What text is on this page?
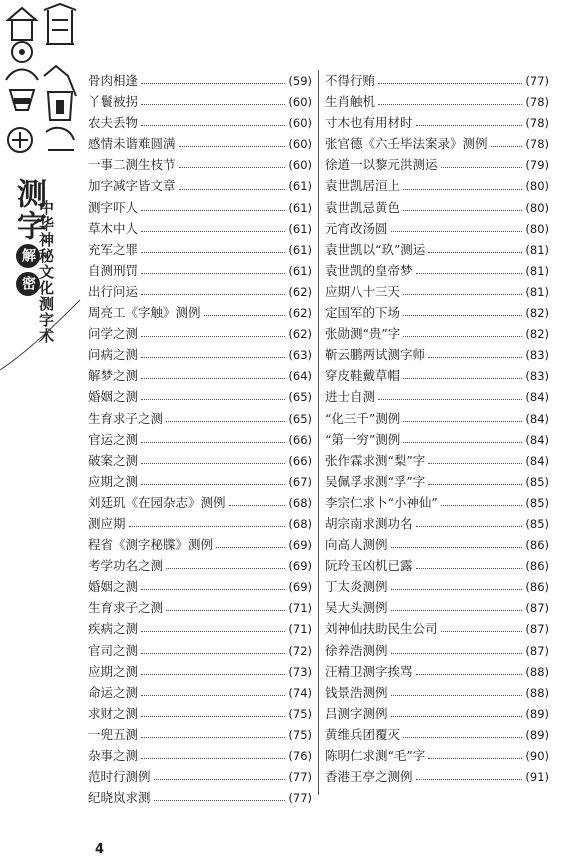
测字解密 中华神秘文化测字术
骨肉相逢	(59)
丫鬟被拐	(60)
农夫丢物	(60)
感情未谐难圆满	(60)
一事二测生枝节	(60)
加字减字皆文章	(61)
测字吓人	(61)
草木中人	(61)
充军之罪	(61)
自测刑罚	(61)
出行问运	(62)
周亮工《字触》测例	(62)
问学之测	(62)
问病之测	(63)
解梦之测	(64)
婚姻之测	(65)
生育求子之测	(65)
官运之测	(66)
破案之测	(66)
应期之测	(67)
刘廷玑《在园杂志》测例	(68)
测应期	(68)
程省《测字秘牒》测例	(69)
考学功名之测	(69)
婚姻之测	(69)
生育求子之测	(71)
疾病之测	(71)
官司之测	(72)
应期之测	(73)
命运之测	(74)
求财之测	(75)
一兜五测	(75)
杂事之测	(76)
范时行测例	(77)
纪晓岚求测	(77)
不得行贿	(77)
生肖触机	(78)
寸木也有用材时	(78)
张官德《六壬毕法案录》测例	(78)
徐道一以黎元洪测运	(79)
袁世凯居洹上	(80)
袁世凯忌黄色	(80)
元宵改汤圆	(80)
袁世凯以“玖”测运	(81)
袁世凯的皇帝梦	(81)
应期八十三天	(81)
定国军的下场	(82)
张勋测“贵”字	(82)
靳云鹏两试测字师	(83)
穿皮鞋戴草帽	(83)
进士自测	(84)
“化三千”测例	(84)
“第一穷”测例	(84)
张作霖求测“梨”字	(84)
吴佩孚求测“孚”字	(85)
李宗仁求卜“小神仙”	(85)
胡宗南求测功名	(85)
向高人测例	(86)
阮玲玉凶机已露	(86)
丁太炎测例	(86)
吴大头测例	(87)
刘神仙扶助民生公司	(87)
徐养浩测例	(87)
汪精卫测字挨骂	(88)
钱景浩测例	(88)
吕测字测例	(89)
黄维兵团覆灭	(89)
陈明仁求测“毛”字	(90)
香港王亭之测例	(91)
4
